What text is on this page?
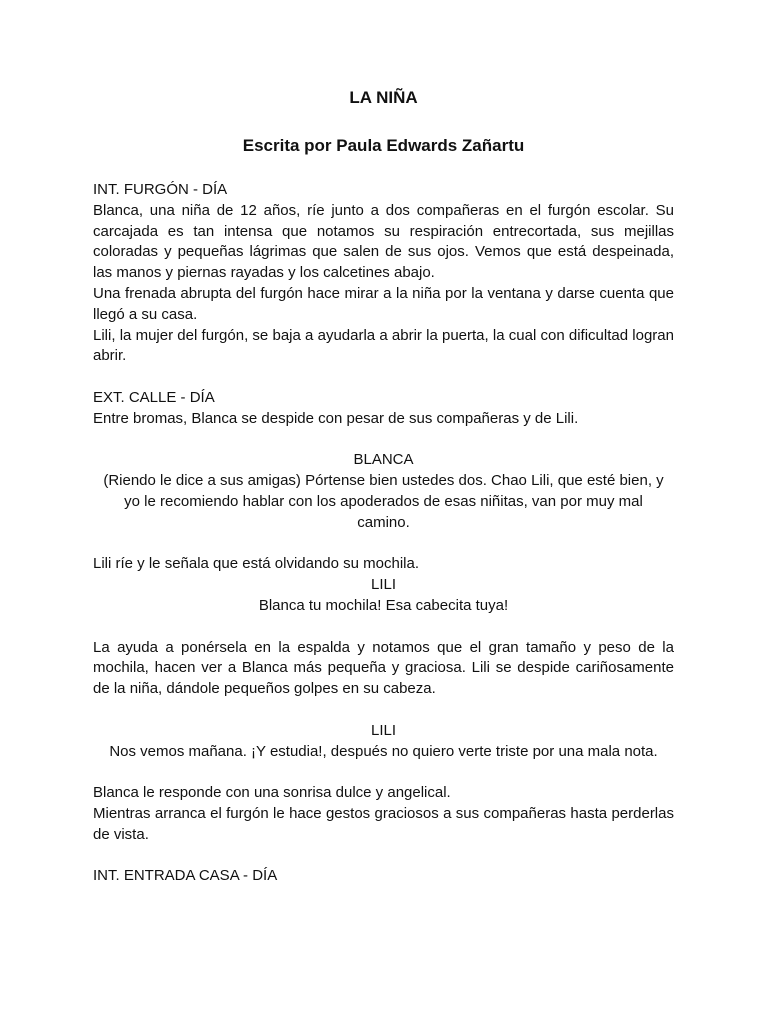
LA NIÑA
Escrita por Paula Edwards Zañartu

INT. FURGÓN - DÍA

Blanca, una niña de 12 años, ríe junto a dos compañeras en el furgón escolar. Su carcajada es tan intensa que notamos su respiración entrecortada, sus mejillas coloradas y pequeñas lágrimas que salen de sus ojos. Vemos que está despeinada, las manos y piernas rayadas y los calcetines abajo.

Una frenada abrupta del furgón hace mirar a la niña por la ventana y darse cuenta que llegó a su casa.

Lili, la mujer del furgón, se baja a ayudarla a abrir la puerta, la cual con dificultad logran abrir.

EXT. CALLE - DÍA

Entre bromas, Blanca se despide con pesar de sus compañeras y de Lili.

BLANCA

(Riendo le dice a sus amigas) Pórtense bien ustedes dos. Chao Lili, que esté bien, y yo le recomiendo hablar con los apoderados de esas niñitas, van por muy mal camino.

Lili ríe y le señala que está olvidando su mochila.

LILI

Blanca tu mochila! Esa cabecita tuya!

La ayuda a ponérsela en la espalda y notamos que el gran tamaño y peso de la mochila, hacen ver a Blanca más pequeña y graciosa. Lili se despide cariñosamente de la niña, dándole pequeños golpes en su cabeza.

LILI

Nos vemos mañana. ¡Y estudia!, después no quiero verte triste por una mala nota.

Blanca le responde con una sonrisa dulce y angelical.

Mientras arranca el furgón le hace gestos graciosos a sus compañeras hasta perderlas de vista.

INT. ENTRADA CASA - DÍA
